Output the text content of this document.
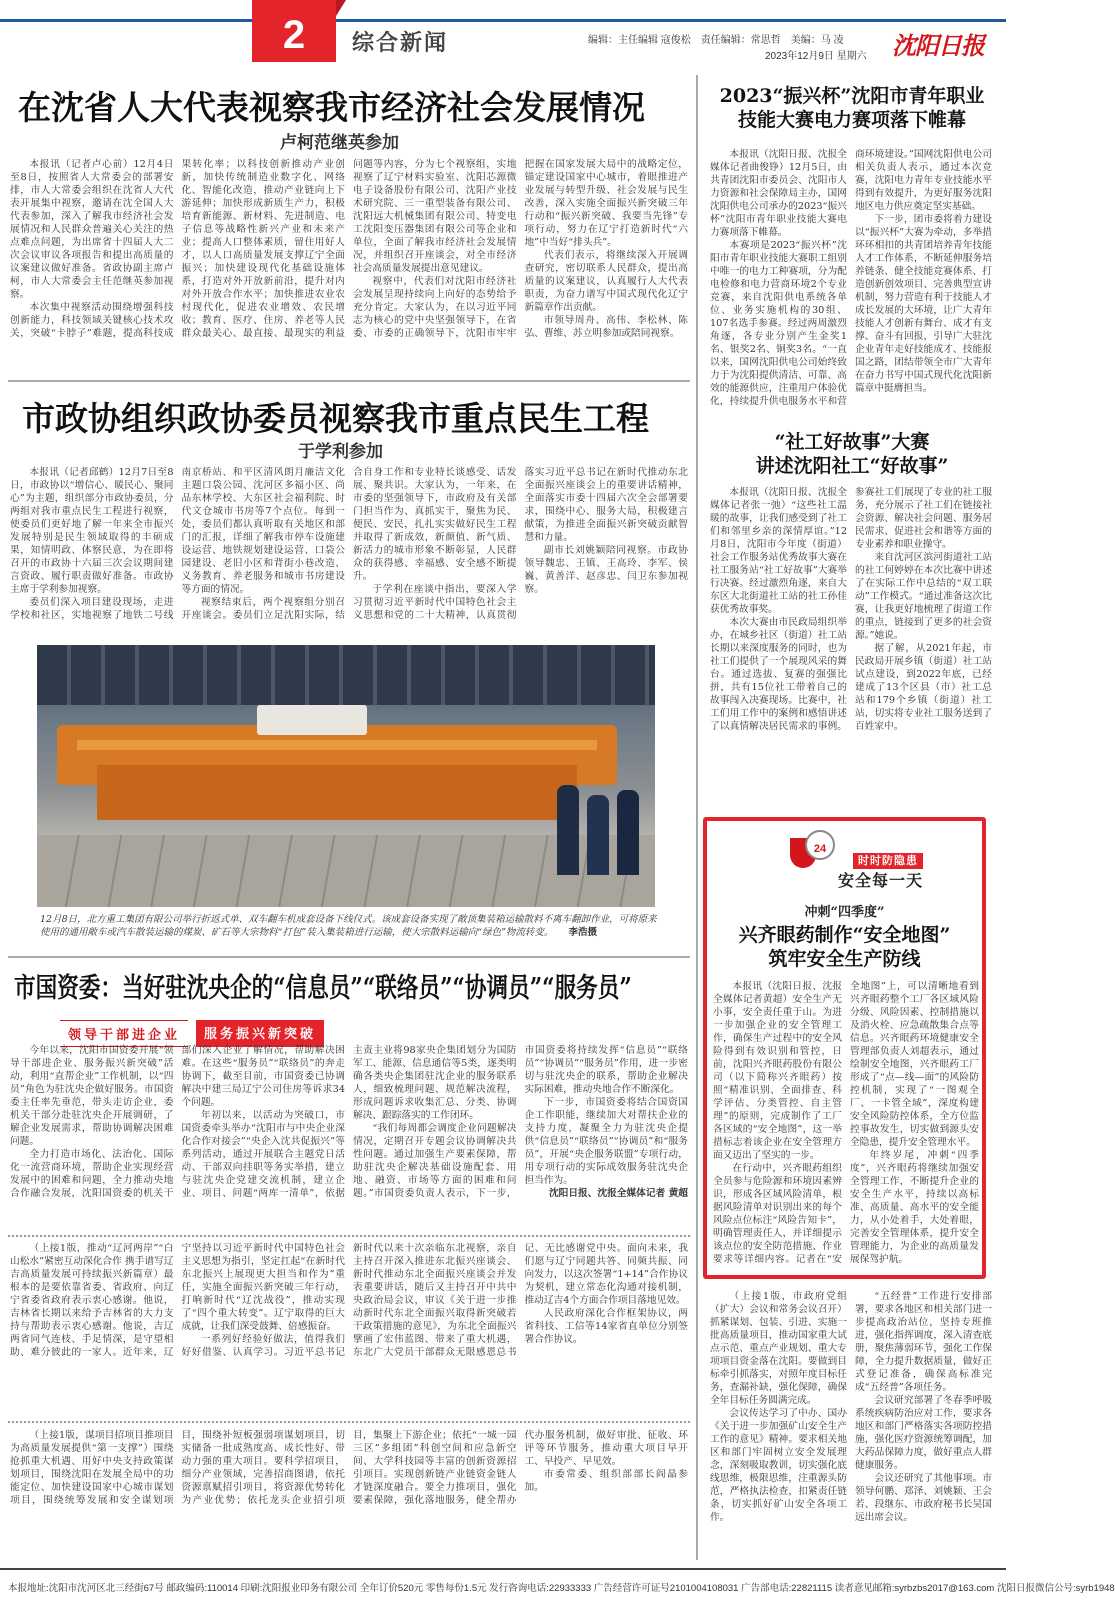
2	综合新闻	编辑：主任编辑 寇俊松　责任编辑：常思哲　美编：马 凌
2023年12月9日 星期六 沈阳日报
在沈省人大代表视察我市经济社会发展情况
卢柯范继英参加

本报讯（记者卢心前）12月4日至8日，按照省人大常委会的部署安排，市人大常委会组织在沈省人大代表开展集中视察，邀请在沈全国人大代表参加，深入了解我市经济社会发展情况和人民群众普遍关心关注的热点难点问题，为出席省十四届人大二次会议审议各项报告和提出高质量的议案建议做好准备。省政协副主席卢柯，市人大常委会主任范继英参加视察。

本次集中视察活动围绕增强科技创新能力，科技领域关键核心技术攻关，突破“卡脖子”难题，提高科技成果转化率；以科技创新推动产业创新，加快传统制造业数字化、网络化、智能化改造，推动产业链向上下游延伸；加快形成新质生产力，积极培育新能源、新材料、先进制造、电子信息等战略性新兴产业和未来产业；提高人口整体素质，留住用好人才，以人口高质量发展支撑辽宁全面振兴；加快建设现代化基础设施体系，打造对外开放新前沿，提升对内对外开放合作水平；加快推进农业农村现代化，促进农业增效、农民增收；教育、医疗、住房、养老等人民群众最关心、最直接、最现实的利益问题等内容，分为七个视察组，实地视察了辽宁材料实验室、沈阳芯源微电子设备股份有限公司、沈阳产业技术研究院、三一重型装备有限公司、沈阳远大机械集团有限公司、特变电工沈阳变压器集团有限公司等企业和单位，全面了解我市经济社会发展情况，并组织召开座谈会，对全市经济社会高质量发展提出意见建议。

视察中，代表们对沈阳市经济社会发展呈现持续向上向好的态势给予充分肯定。大家认为，在以习近平同志为核心的党中央坚强领导下，在省委、市委的正确领导下，沈阳市牢牢把握在国家发展大局中的战略定位，锚定建设国家中心城市，着眼推进产业发展与转型升级、社会发展与民生改善，深入实施全面振兴新突破三年行动和“振兴新突破、我要当先锋”专项行动，努力在辽宁打造新时代“六地”中当好“排头兵”。

代表们表示，将继续深入开展调查研究，密切联系人民群众，提出高质量的议案建议，认真履行人大代表职责，为奋力谱写中国式现代化辽宁新篇章作出贡献。

市领导周舟、高伟、李松林、陈弘、曹维、苏立明参加或陪同视察。

市政协组织政协委员视察我市重点民生工程
于学利参加

本报讯（记者邱鹤）12月7日至8日，市政协以“增信心、暖民心、聚同心”为主题，组织部分市政协委员，分两组对我市重点民生工程进行视察，使委员们更好地了解一年来全市振兴发展特别是民生领域取得的丰硕成果，知情明政、体察民意，为在即将召开的市政协十六届三次会议期间建言资政、履行职责做好准备。市政协主席于学利参加视察。

委员们深入项目建设现场，走进学校和社区，实地视察了地铁二号线南京桥站、和平区清风朗月廉洁文化主题口袋公园、沈河区多福小区、尚品东林学校、大东区社会福利院、时代文仓城市书房等7个点位。每到一处，委员们都认真听取有关地区和部门的汇报，详细了解我市停车设施建设运营、地铁规划建设运营、口袋公园建设、老旧小区和背街小巷改造、义务教育、养老服务和城市书房建设等方面的情况。

视察结束后，两个视察组分别召开座谈会。委员们立足沈阳实际，结合自身工作和专业特长谈感受、话发展、聚共识。大家认为，一年来，在市委的坚强领导下，市政府及有关部门担当作为、真抓实干，聚焦为民、便民、安民，扎扎实实做好民生工程并取得了新成效，新颜值、新气质、新活力的城市形象不断彰显，人民群众的获得感、幸福感、安全感不断提升。

于学利在座谈中指出，要深入学习贯彻习近平新时代中国特色社会主义思想和党的二十大精神，认真贯彻落实习近平总书记在新时代推动东北全面振兴座谈会上的重要讲话精神，全面落实市委十四届六次全会部署要求，围绕中心、服务大局，积极建言献策，为推进全面振兴新突破贡献智慧和力量。

副市长刘姚颖陪同视察。市政协领导魏忠、王镇、王高玲、李军、侯巍、黄善洋、赵彦忠、闫卫东参加视察。

12月8日，北方重工集团有限公司举行折返式单、双车翻车机成套设备下线仪式。该成套设备实现了敞顶集装箱运输散料不离车翻卸作业，可将原来使用的通用敞车或汽车散装运输的煤炭、矿石等大宗物料“打包”装入集装箱进行运输，使大宗散料运输向“绿色”物流转变。 李浩摄
市国资委：当好驻沈央企的“信息员”“联络员”“协调员”“服务员”
领导干部进企业	服务振兴新突破

今年以来，沈阳市国资委开展“领导干部进企业、服务振兴新突破”活动，利用“直帮企业”工作机制，以“四员”角色为驻沈央企做好服务。市国资委主任率先垂范，带头走访企业，委机关干部分赴驻沈央企开展调研，了解企业发展需求，帮助协调解决困难问题。

全力打造市场化、法治化、国际化一流营商环境，帮助企业实现经营发展中的困难和问题，全力推动央地合作融合发展，沈阳国资委的机关干部们深入企业了解情况，帮助解决困难。在这些“服务员”“联络员”的奔走协调下，截至目前，市国资委已协调解决中建三局辽宁公司住房等诉求34个问题。

年初以来，以活动为突破口，市国资委牵头举办“沈阳市与中央企业深化合作对接会”“央企入沈共促振兴”等系列活动，通过开展联合主题党日活动、干部双向挂职等务实举措，建立与驻沈央企党建交流机制，建立企业、项目、问题“两库一清单”，依据主责主业将98家央企集团划分为国防军工、能源、信息通信等5类，逐类明确各类央企集团驻沈企业的服务联系人，细致梳理问题、规范解决流程，形成问题诉求收集汇总、分类、协调解决、跟踪落实的工作闭环。

“我们每周都会调度企业问题解决情况，定期召开专题会议协调解决共性问题。通过加强生产要素保障，帮助驻沈央企解决基础设施配套、用地、融资、市场等方面的困难和问题。”市国资委负责人表示，下一步，市国资委将持续发挥“信息员”“联络员”“协调员”“服务员”作用，进一步密切与驻沈央企的联系，帮助企业解决实际困难，推动央地合作不断深化。

下一步，市国资委将结合国资国企工作职能，继续加大对帮扶企业的支持力度，凝聚全力为驻沈央企提供“信息员”“联络员”“协调员”和“服务员”，开展“央企服务联盟”专项行动，用专项行动的实际成效服务驻沈央企担当作为。

沈阳日报、沈报全媒体记者 黄超

（上接1版，推动“辽河两岸”“白山松水”紧密互动深化合作 携手谱写辽吉高质量发展可持续振兴新篇章）最根本的是要依靠省委、省政府、向辽宁省委省政府表示衷心感谢。他说，吉林省长期以来给予吉林省的大力支持与帮助表示衷心感谢。他说，吉辽两省同气连枝、手足情深，是守望相助、难分彼此的一家人。近年来，辽宁坚持以习近平新时代中国特色社会主义思想为指引，坚定扛起“在新时代东北振兴上展现更大担当和作为”重任，实施全面振兴新突破三年行动，打响新时代“辽沈战役”，推动实现了“四个重大转变”。辽宁取得的巨大成就，让我们深受鼓舞、倍感振奋。

一系列好经验好做法，值得我们好好借鉴、认真学习。习近平总书记新时代以来十次亲临东北视察，亲自主持召开深入推进东北振兴座谈会、新时代推动东北全面振兴座谈会并发表重要讲话，随后又主持召开中共中央政治局会议，审议《关于进一步推动新时代东北全面振兴取得新突破若干政策措施的意见》，为东北全面振兴擘画了宏伟蓝图、带来了重大机遇，东北广大党员干部群众无限感恩总书记、无比感谢党中央。面向未来，我们愿与辽宁同题共答、同频共振、同向发力，以这次签署“1+14”合作协议为契机，建立常态化沟通对接机制，推动辽吉4个方面合作项目落地见效。

人民政府深化合作框架协议，两省科技、工信等14家省直单位分别签署合作协议。

（上接1版，谋项目招项目推项目 为高质量发展提供“第一支撑”）围绕抢抓重大机遇、用好中央支持政策谋划项目，围绕沈阳在发展全局中的功能定位、加快建设国家中心城市谋划项目，围绕统筹发展和安全谋划项目，围绕补短板强弱项谋划项目，切实储备一批成熟度高、成长性好、带动力强的重大项目。要科学招项目，细分产业领域，完善招商图谱，依托资源禀赋招引项目，将资源优势转化为产业优势；依托龙头企业招引项目，集聚上下游企业；依托“一城一园三区”多组团”科创空间和应急新空间、大学科技园等丰富的创新资源招引项目。实现创新链产业链资金链人才链深度融合。要全力推项目，强化要素保障，强化落地服务，健全帮办代办服务机制，做好审批、征收、环评等环节服务，推动重大项目早开工、早投产、早见效。

市委常委、组织部部长阎晶参加。

2023“振兴杯”沈阳市青年职业
技能大赛电力赛项落下帷幕

本报讯（沈阳日报、沈报全媒体记者曲俊铮）12月5日，由共青团沈阳市委员会、沈阳市人力资源和社会保障局主办，国网沈阳供电公司承办的2023“振兴杯”沈阳市青年职业技能大赛电力赛项落下帷幕。

本赛项是2023“振兴杯”沈阳市青年职业技能大赛职工组别中唯一的电力工种赛项，分为配电检修和电力营商环境2个专业竞赛，来自沈阳供电系统各单位、业务实施机构的30组、107名选手参赛。经过两周激烈角逐，各专业分别产生金奖1名、银奖2名、铜奖3名。“一直以来，国网沈阳供电公司始终致力于为沈阳提供清洁、可靠、高效的能源供应，注重用户体验优化，持续提升供电服务水平和营商环境建设。”国网沈阳供电公司相关负责人表示，通过本次竞赛，沈阳电力青年专业技能水平得到有效提升，为更好服务沈阳地区电力供应奠定坚实基础。

下一步，团市委将着力建设以“振兴杯”大赛为牵动，多举措环环相扣的共青团培养青年技能人才工作体系，不断延伸服务培养链条、健全技能竞赛体系、打造创新创效项目、完善典型宣讲机制，努力营造有利于技能人才成长发展的大环境，让广大青年技能人才创新有舞台、成才有支撑、奋斗有回报，引导广大驻沈企业青年走好技能成才、技能报国之路，团结带领全市广大青年在奋力书写中国式现代化沈阳新篇章中挺膺担当。

“社工好故事”大赛
讲述沈阳社工“好故事”

本报讯（沈阳日报、沈报全媒体记者张一弛）“这些社工温暖的故事，让我们感受到了社工们和邻里乡亲的深情厚谊。”12月8日，沈阳市今年度（街道）社会工作服务站优秀故事大赛在社工服务站“社工好故事”大赛举行决赛。经过激烈角逐，来自大东区大北街道社工站的社工孙佳获优秀故事奖。

本次大赛由市民政局组织举办，在城乡社区（街道）社工站长期以来深度服务的同时，也为社工们提供了一个展现风采的舞台。通过选拔、复赛的强强比拼，共有15位社工带着自己的故事闯入决赛现场。比赛中，社工们用工作中的案例和感悟讲述了以真情解决居民需求的事例。参赛社工们展现了专业的社工服务，充分展示了社工们在链接社会资源、解决社会问题、服务居民需求、促进社会和谐等方面的专业素养和职业操守。

来自沈河区滨河街道社工站的社工何婷婷在本次比赛中讲述了在实际工作中总结的“双工联动”工作模式。“通过准备这次比赛，让我更好地梳理了街道工作的重点，链接到了更多的社会资源。”她说。

据了解，从2021年起，市民政局开展乡镇（街道）社工站试点建设，到2022年底，已经建成了13个区县（市）社工总站和179个乡镇（街道）社工站，切实将专业社工服务送到了百姓家中。

24
时时防隐患
安全每一天
冲刺“四季度”
兴齐眼药制作“安全地图”
筑牢安全生产防线

本报讯（沈阳日报、沈报全媒体记者黄超）安全生产无小事，安全责任重于山。为进一步加强企业的安全管理工作，确保生产过程中的安全风险得到有效识别和管控，日前，沈阳兴齐眼药股份有限公司（以下简称兴齐眼药）按照“精准识别、全面排查、科学评估、分类管控、自主管理”的原则，完成制作了工厂各区域的“安全地图”，这一举措标志着该企业在安全管理方面又迈出了坚实的一步。

在行动中，兴齐眼药组织全员参与危险源和环境因素辨识，形成各区域风险清单，根据风险清单对识别出来的每个风险点位标注“风险告知卡”，明确管理责任人，并详细提示该点位的安全防范措施、作业要求等详细内容。记者在“安全地图”上，可以清晰地看到兴齐眼药整个工厂各区域风险分级、风险因素、控制措施以及消火栓、应急疏散集合点等信息。兴齐眼药环境健康安全管理部负责人刘超表示，通过绘制安全地图，兴齐眼药工厂形成了“点—线—面”的风险防控机制，实现了“一图观全厂、一卡管全域”，深度构建安全风险防控体系，全方位监控事故发生，切实做到源头安全隐患，提升安全管理水平。

年终岁尾，冲刺“四季度”，兴齐眼药将继续加强安全管理工作，不断提升企业的安全生产水平，持续以高标准、高质量、高水平的安全能力，从小处着手，大处着眼，完善安全管理体系，提升安全管理能力，为企业的高质量发展保驾护航。

（上接1版，市政府党组（扩大）会议和常务会议召开）抓紧谋划、包装、引进、实施一批高质量项目，推动国家重大试点示范、重点产业规划、重大专项项目资金落在沈阳。要做到目标牵引抓落实，对照年度目标任务，查漏补缺，强化保障，确保全年目标任务圆满完成。

会议传达学习了中办、国办《关于进一步加强矿山安全生产工作的意见》精神。要求相关地区和部门牢固树立安全发展理念，深刻吸取教训，切实强化底线思维，极限思维，注重源头防范，严格执法检查，扣紧责任链条，切实抓好矿山安全各项工作。

“五经普”工作进行安排部署，要求各地区和相关部门进一步提高政治站位，坚持专班推进，强化指挥调度，深入清查底册，聚焦薄弱环节，强化工作保障，全力提升数据质量，做好正式登记准备，确保高标准完成“五经普”各项任务。

会议研究部署了冬春季呼吸系统疾病防治应对工作，要求各地区和部门严格落实各项防控措施，强化医疗资源统筹调配，加大药品保障力度，做好重点人群健康服务。

会议还研究了其他事项。市领导何鹏、郑泽、刘姚颖、王会若、段继东、市政府秘书长吴国远出席会议。

本报地址:沈阳市沈河区北三经街67号 邮政编码:110014 印刷:沈阳报业印务有限公司 全年订价520元 零售每份1.5元 发行咨询电话:22933333 广告经营许可证号2101004108031 广告部电话:22821115 读者意见邮箱:syrbzbs2017@163.com 沈阳日报微信公号:syrb1948
